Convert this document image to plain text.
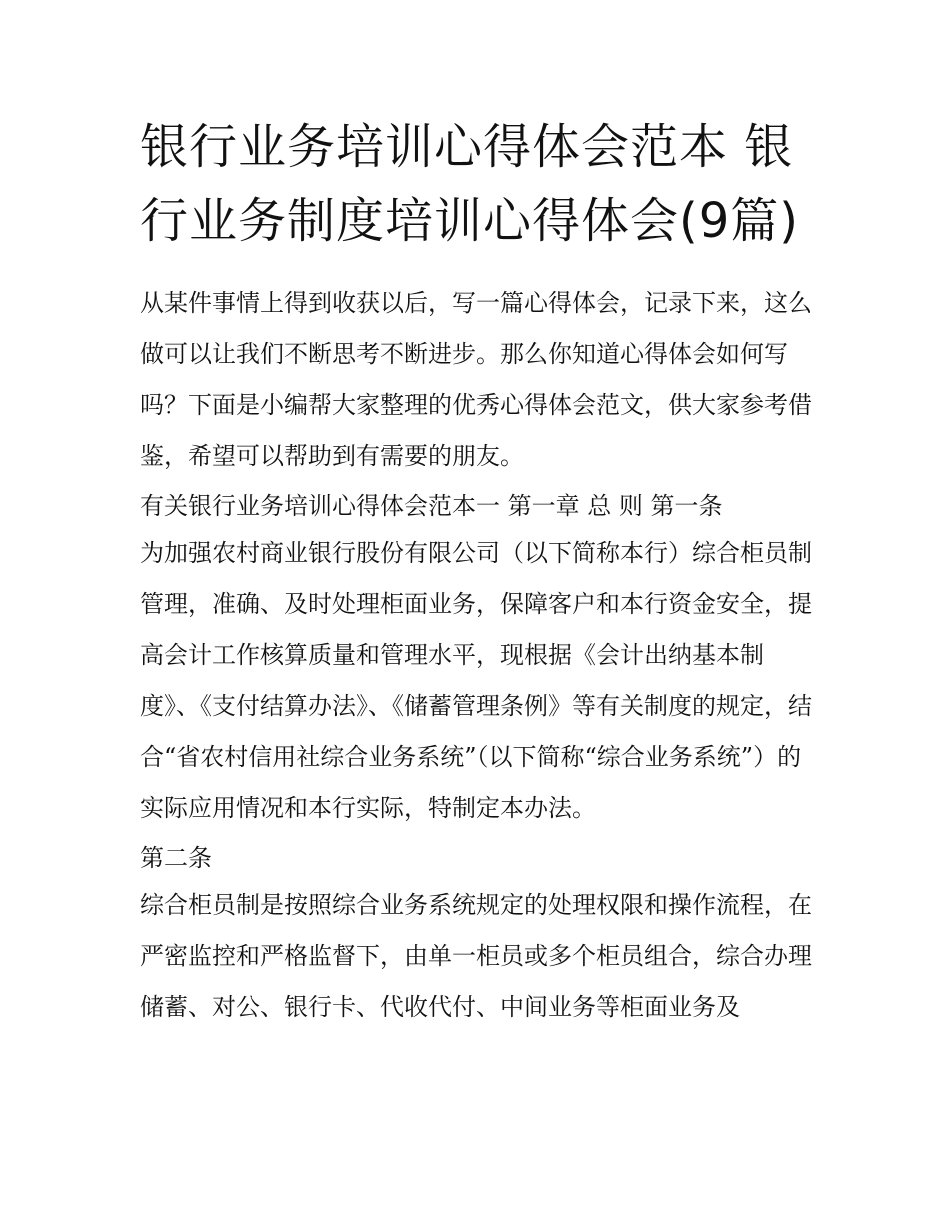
银行业务培训心得体会范本 银行业务制度培训心得体会(9篇)

从某件事情上得到收获以后，写一篇心得体会，记录下来，这么做可以让我们不断思考不断进步。那么你知道心得体会如何写吗？下面是小编帮大家整理的优秀心得体会范文，供大家参考借鉴，希望可以帮助到有需要的朋友。

有关银行业务培训心得体会范本一 第一章 总 则 第一条

为加强农村商业银行股份有限公司（以下简称本行）综合柜员制管理，准确、及时处理柜面业务，保障客户和本行资金安全，提高会计工作核算质量和管理水平，现根据《会计出纳基本制度》、《支付结算办法》、《储蓄管理条例》等有关制度的规定，结合“省农村信用社综合业务系统”（以下简称“综合业务系统”）的实际应用情况和本行实际，特制定本办法。

第二条

综合柜员制是按照综合业务系统规定的处理权限和操作流程，在严密监控和严格监督下，由单一柜员或多个柜员组合，综合办理储蓄、对公、银行卡、代收代付、中间业务等柜面业务及
